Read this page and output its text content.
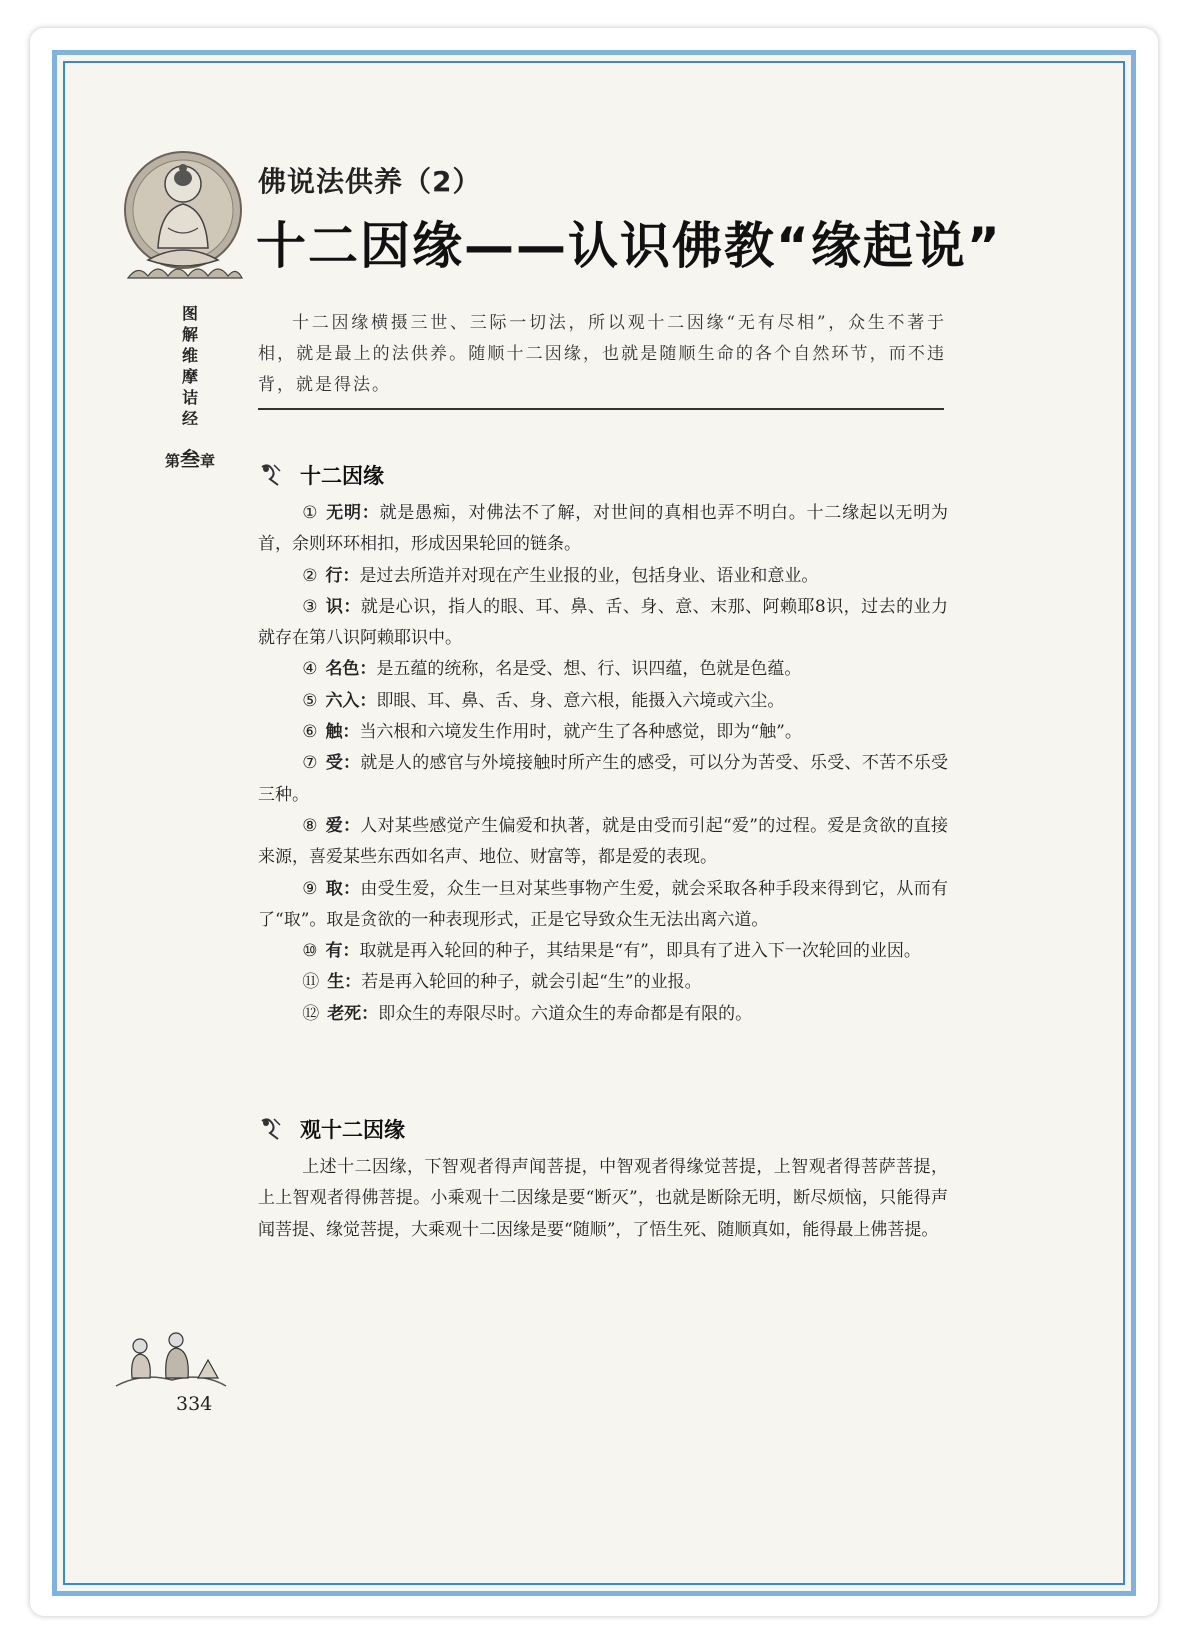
图解维摩诘经
第叁章
佛说法供养（2）
十二因缘——认识佛教“缘起说”
十二因缘横摄三世、三际一切法，所以观十二因缘“无有尽相”，众生不著于相，就是最上的法供养。随顺十二因缘，也就是随顺生命的各个自然环节，而不违背，就是得法。
十二因缘

① 无明：就是愚痴，对佛法不了解，对世间的真相也弄不明白。十二缘起以无明为首，余则环环相扣，形成因果轮回的链条。

② 行：是过去所造并对现在产生业报的业，包括身业、语业和意业。

③ 识：就是心识，指人的眼、耳、鼻、舌、身、意、末那、阿赖耶8识，过去的业力就存在第八识阿赖耶识中。

④ 名色：是五蕴的统称，名是受、想、行、识四蕴，色就是色蕴。

⑤ 六入：即眼、耳、鼻、舌、身、意六根，能摄入六境或六尘。

⑥ 触：当六根和六境发生作用时，就产生了各种感觉，即为“触”。

⑦ 受：就是人的感官与外境接触时所产生的感受，可以分为苦受、乐受、不苦不乐受三种。

⑧ 爱：人对某些感觉产生偏爱和执著，就是由受而引起“爱”的过程。爱是贪欲的直接来源，喜爱某些东西如名声、地位、财富等，都是爱的表现。

⑨ 取：由受生爱，众生一旦对某些事物产生爱，就会采取各种手段来得到它，从而有了“取”。取是贪欲的一种表现形式，正是它导致众生无法出离六道。

⑩ 有：取就是再入轮回的种子，其结果是“有”，即具有了进入下一次轮回的业因。

⑪ 生：若是再入轮回的种子，就会引起“生”的业报。

⑫ 老死：即众生的寿限尽时。六道众生的寿命都是有限的。

观十二因缘

上述十二因缘，下智观者得声闻菩提，中智观者得缘觉菩提，上智观者得菩萨菩提，上上智观者得佛菩提。小乘观十二因缘是要“断灭”，也就是断除无明，断尽烦恼，只能得声闻菩提、缘觉菩提，大乘观十二因缘是要“随顺”，了悟生死、随顺真如，能得最上佛菩提。

334
